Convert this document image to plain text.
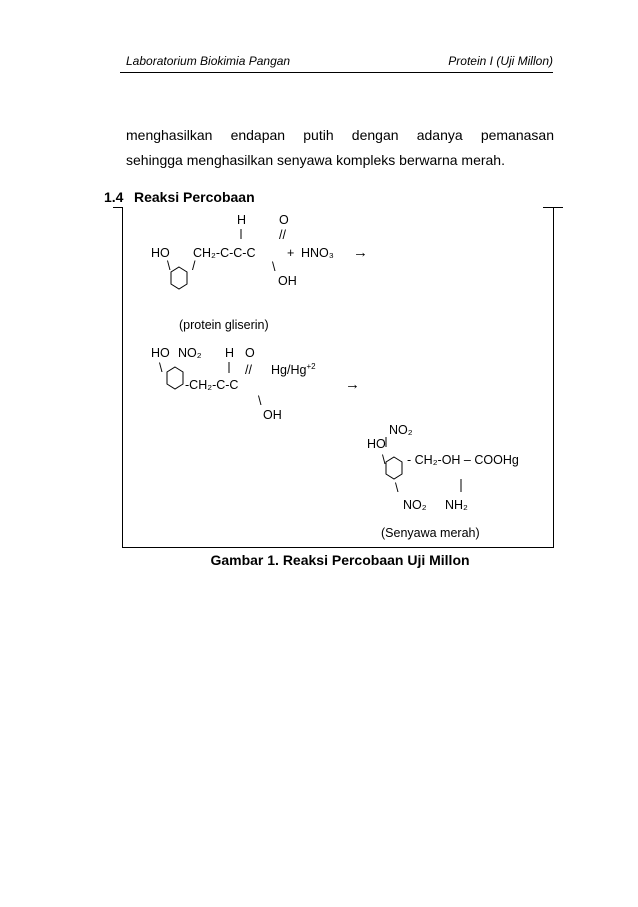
Laboratorium Biokimia Pangan	Protein I (Uji Millon)
menghasilkan endapan putih dengan adanya pemanasan
sehingga menghasilkan senyawa kompleks berwarna merah.
1.4 Reaksi Percobaan
H	O
//
HO CH₂-C-C-C	+ HNO₃ →
\ /	\
OH
(protein gliserin)
HO NO₂ H O
\	// $Hg/Hg^{+2}$
-CH₂-C-C	→
\
OH
NO₂
HO
\ - CH₂-OH – COOHg
\
NO₂ NH₂
(Senyawa merah)
Gambar 1. Reaksi Percobaan Uji Millon
